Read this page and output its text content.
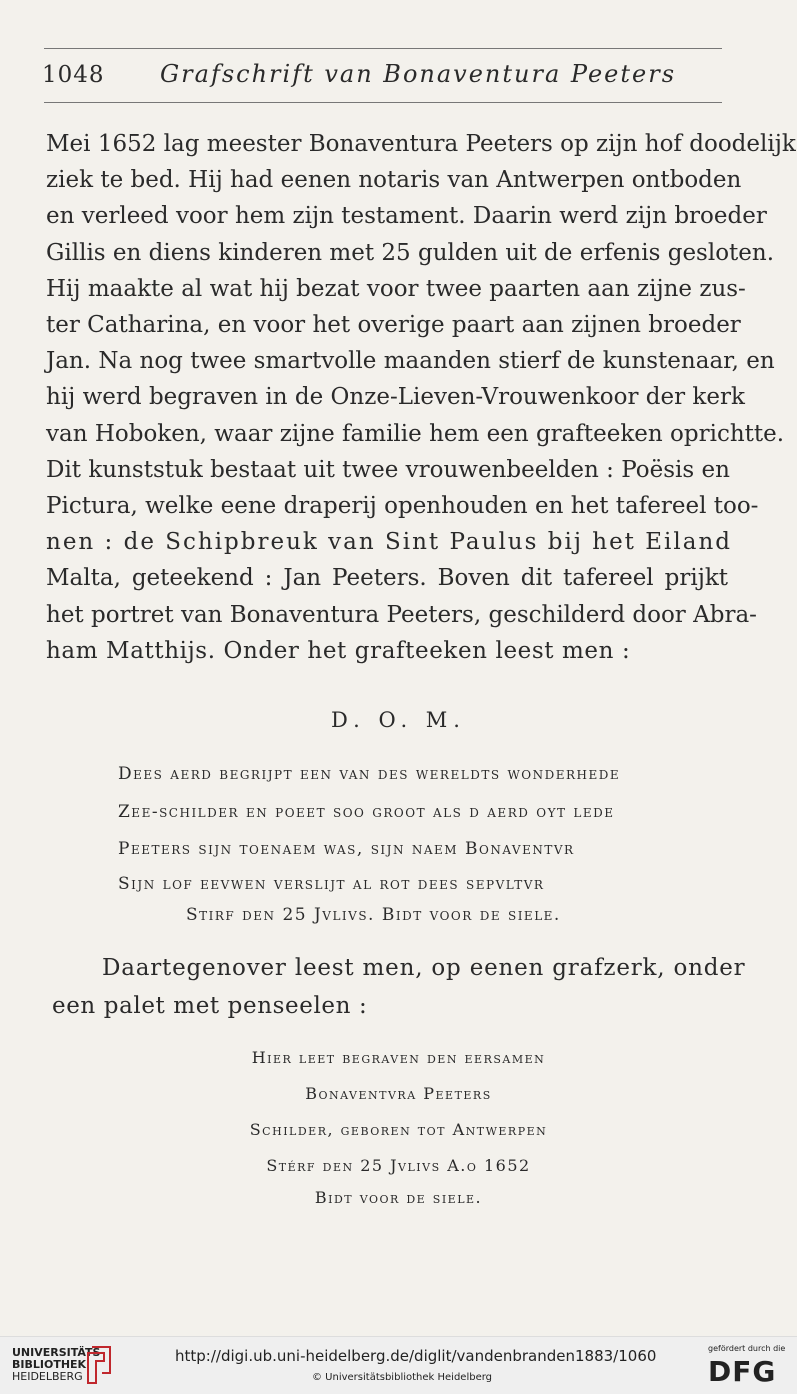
1048 Grafschrift van Bonaventura Peeters
Mei 1652 lag meester Bonaventura Peeters op zijn hof doodelijk
ziek te bed. Hij had eenen notaris van Antwerpen ontboden
en verleed voor hem zijn testament. Daarin werd zijn broeder
Gillis en diens kinderen met 25 gulden uit de erfenis gesloten.
Hij maakte al wat hij bezat voor twee paarten aan zijne zus-
ter Catharina, en voor het overige paart aan zijnen broeder
Jan. Na nog twee smartvolle maanden stierf de kunstenaar, en
hij werd begraven in de Onze-Lieven-Vrouwenkoor der kerk
van Hoboken, waar zijne familie hem een grafteeken oprichtte.
Dit kunststuk bestaat uit twee vrouwenbeelden : Poësis en
Pictura, welke eene draperij openhouden en het tafereel too-
nen : de Schipbreuk van Sint Paulus bij het Eiland
Malta, geteekend : Jan Peeters. Boven dit tafereel prijkt
het portret van Bonaventura Peeters, geschilderd door Abra-
ham Matthijs. Onder het grafteeken leest men :
D. O. M.
Dees aerd begrijpt een van des wereldts wonderhede
Zee-schilder en poeet soo groot als d aerd oyt lede
Peeters sijn toenaem was, sijn naem Bonaventvr
Sijn lof eevwen verslijt al rot dees sepvltvr
Stirf den 25 Jvlivs. Bidt voor de siele.
Daartegenover leest men, op eenen grafzerk, onder
een palet met penseelen :
Hier leet begraven den eersamen
Bonaventvra Peeters
Schilder, geboren tot Antwerpen
Stérf den 25 Jvlivs A.o 1652
Bidt voor de siele.
UNIVERSITÄTS-
BIBLIOTHEK
HEIDELBERG
http://digi.ub.uni-heidelberg.de/diglit/vandenbranden1883/1060
© Universitätsbibliothek Heidelberg
gefördert durch die
DFG
